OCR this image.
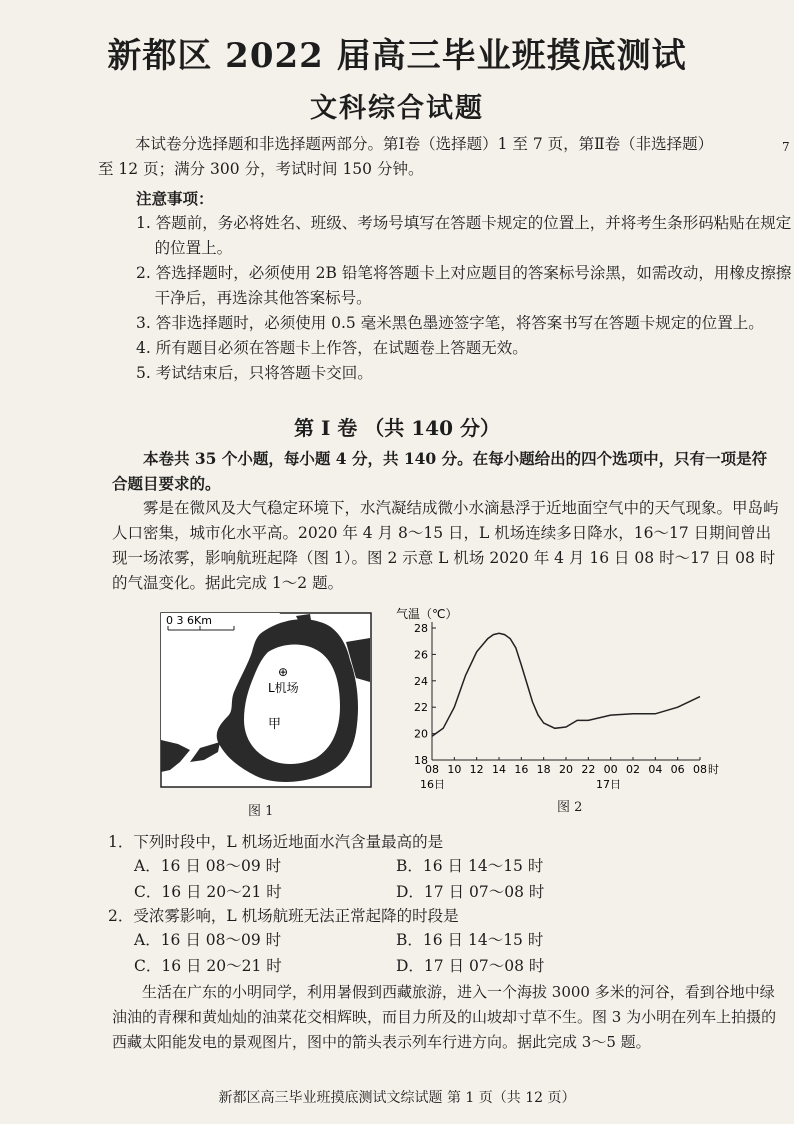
新都区 2022 届高三毕业班摸底测试
文科综合试题

本试卷分选择题和非选择题两部分。第Ⅰ卷（选择题）1 至 7 页，第Ⅱ卷（非选择题）

至 12 页；满分 300 分，考试时间 150 分钟。

7

注意事项：

1. 答题前，务必将姓名、班级、考场号填写在答题卡规定的位置上，并将考生条形码粘贴在规定的位置上。

2. 答选择题时，必须使用 2B 铅笔将答题卡上对应题目的答案标号涂黑，如需改动，用橡皮擦擦干净后，再选涂其他答案标号。

3. 答非选择题时，必须使用 0.5 毫米黑色墨迹签字笔，将答案书写在答题卡规定的位置上。

4. 所有题目必须在答题卡上作答，在试题卷上答题无效。

5. 考试结束后，只将答题卡交回。

第 I 卷 （共 140 分）

本卷共 35 个小题，每小题 4 分，共 140 分。在每小题给出的四个选项中，只有一项是符合题目要求的。

雾是在微风及大气稳定环境下，水汽凝结成微小水滴悬浮于近地面空气中的天气现象。甲岛屿人口密集，城市化水平高。2020 年 4 月 8～15 日，L 机场连续多日降水，16～17 日期间曾出现一场浓雾，影响航班起降（图 1）。图 2 示意 L 机场 2020 年 4 月 16 日 08 时～17 日 08 时的气温变化。据此完成 1～2 题。

0 3 6Km
⊕
L机场
甲
图 1
气温（℃）
18
20
22
24
26
28
08 10 12 14 16 18 20 22 00 02 04 06 08 时
16日	17日
图 2
1．下列时段中，L 机场近地面水汽含量最高的是
A．16 日 08～09 时	B．16 日 14～15 时
C．16 日 20～21 时	D．17 日 07～08 时
2．受浓雾影响，L 机场航班无法正常起降的时段是
A．16 日 08～09 时	B．16 日 14～15 时
C．16 日 20～21 时	D．17 日 07～08 时

生活在广东的小明同学，利用暑假到西藏旅游，进入一个海拔 3000 多米的河谷，看到谷地中绿油油的青稞和黄灿灿的油菜花交相辉映，而目力所及的山坡却寸草不生。图 3 为小明在列车上拍摄的西藏太阳能发电的景观图片，图中的箭头表示列车行进方向。据此完成 3～5 题。

新都区高三毕业班摸底测试文综试题 第 1 页（共 12 页）
